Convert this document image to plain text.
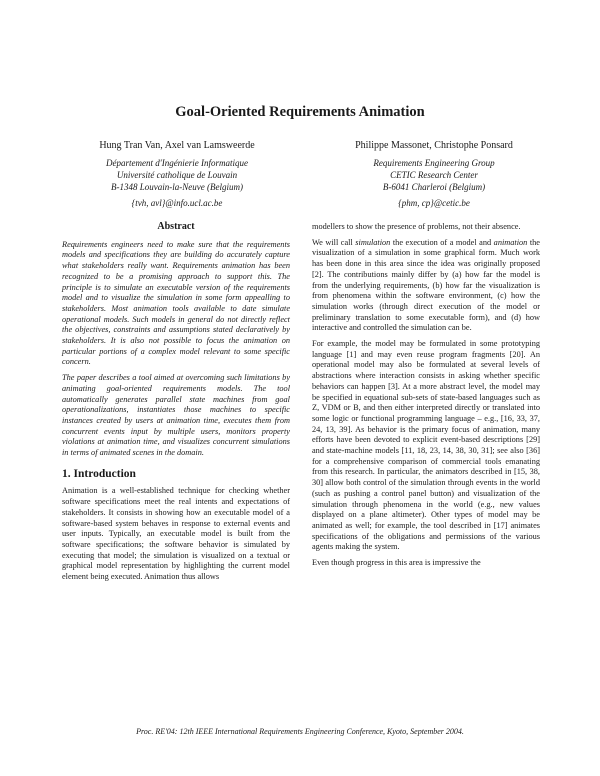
Goal-Oriented Requirements Animation
Hung Tran Van, Axel van Lamsweerde
Département d'Ingénierie Informatique
Université catholique de Louvain
B-1348 Louvain-la-Neuve (Belgium)
{tvh, avl}@info.ucl.ac.be
Philippe Massonet, Christophe Ponsard
Requirements Engineering Group
CETIC Research Center
B-6041 Charleroi (Belgium)
{phm, cp}@cetic.be
Abstract

Requirements engineers need to make sure that the requirements models and specifications they are building do accurately capture what stakeholders really want. Requirements animation has been recognized to be a promising approach to support this. The principle is to simulate an executable version of the requirements model and to visualize the simulation in some form appealling to stakeholders. Most animation tools available to date simulate operational models. Such models in general do not directly reflect the objectives, constraints and assumptions stated declaratively by stakeholders. It is also not possible to focus the animation on particular portions of a complex model relevant to some specific concern.

The paper describes a tool aimed at overcoming such limitations by animating goal-oriented requirements models. The tool automatically generates parallel state machines from goal operationalizations, instantiates those machines to specific instances created by users at animation time, executes them from concurrent events input by multiple users, monitors property violations at animation time, and visualizes concurrent simulations in terms of animated scenes in the domain.

1. Introduction

Animation is a well-established technique for checking whether software specifications meet the real intents and expectations of stakeholders. It consists in showing how an executable model of a software-based system behaves in response to external events and user inputs. Typically, an executable model is built from the software specifications; the software behavior is simulated by executing that model; the simulation is visualized on a textual or graphical model representation by highlighting the current model element being executed. Animation thus allows

modellers to show the presence of problems, not their absence.

We will call simulation the execution of a model and animation the visualization of a simulation in some graphical form. Much work has been done in this area since the idea was originally proposed [2]. The contributions mainly differ by (a) how far the model is from the underlying requirements, (b) how far the visualization is from phenomena within the software environment, (c) how the simulation works (through direct execution of the model or preliminary translation to some executable form), and (d) how interactive and controlled the simulation can be.

For example, the model may be formulated in some prototyping language [1] and may even reuse program fragments [20]. An operational model may also be formulated at several levels of abstractions where interaction consists in asking whether specific behaviors can happen [3]. At a more abstract level, the model may be specified in equational sub-sets of state-based languages such as Z, VDM or B, and then either interpreted directly or translated into some logic or functional programming language – e.g., [16, 33, 37, 24, 13, 39]. As behavior is the primary focus of animation, many efforts have been devoted to explicit event-based descriptions [29] and state-machine models [11, 18, 23, 14, 38, 30, 31]; see also [36] for a comprehensive comparison of commercial tools emanating from this research. In particular, the animators described in [15, 38, 30] allow both control of the simulation through events in the world (such as pushing a control panel button) and visualization of the simulation through phenomena in the world (e.g., new values displayed on a plane altimeter). Other types of model may be animated as well; for example, the tool described in [17] animates specifications of the obligations and permissions of the various agents making the system.

Even though progress in this area is impressive the

Proc. RE'04: 12th IEEE International Requirements Engineering Conference, Kyoto, September 2004.
